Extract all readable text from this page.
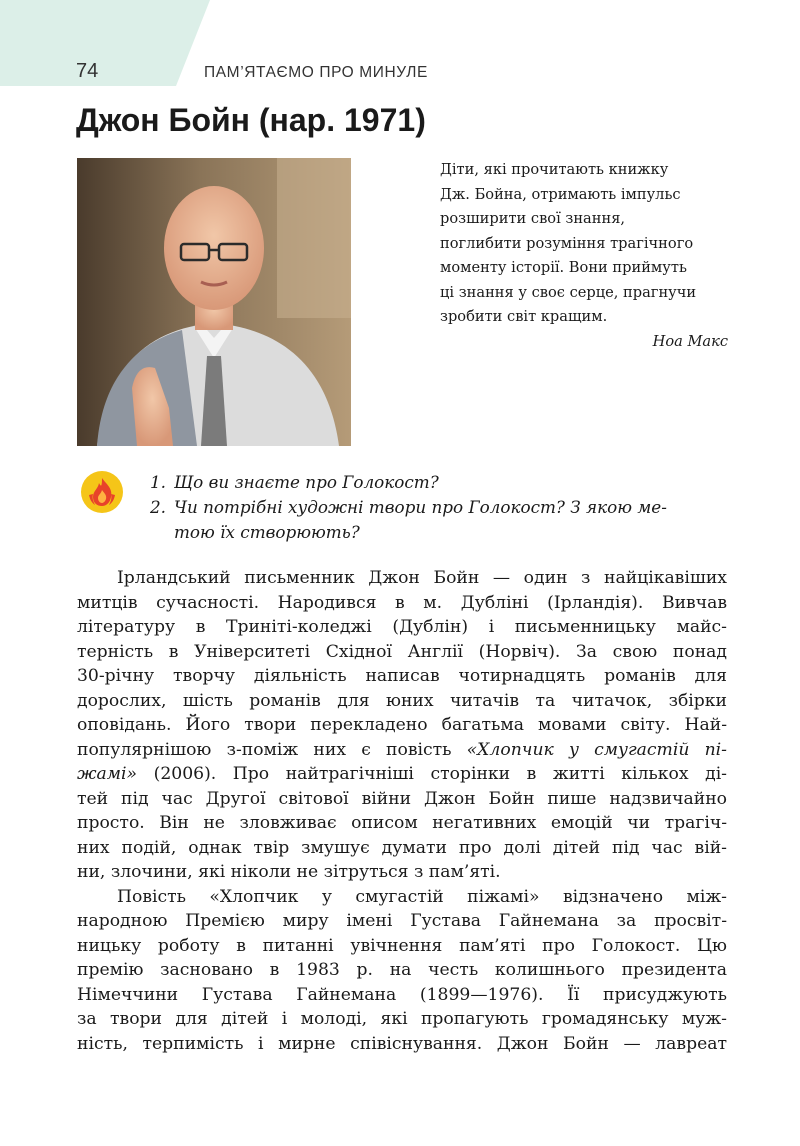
74	ПАМ’ЯТАЄМО ПРО МИНУЛЕ
Джон Бойн (нар. 1971)
Діти, які прочитають книжку
Дж. Бойна, отримають імпульс
розширити свої знання,
поглибити розуміння трагічного
моменту історії. Вони приймуть
ці знання у своє серце, прагнучи
зробити світ кращим.
Ноа Макс
1. Що ви знаєте про Голокост?
2. Чи потрібні художні твори про Голокост? З якою ме-
тою їх створюють?
Ірландський письменник Джон Бойн — один з найцікавіших
митців сучасності. Народився в м. Дубліні (Ірландія). Вивчав
літературу в Триніті-коледжі (Дублін) і письменницьку майс-
терність в Університеті Східної Англії (Норвіч). За свою понад
30-річну творчу діяльність написав чотирнадцять романів для
дорослих, шість романів для юних читачів та читачок, збірки
оповідань. Його твори перекладено багатьма мовами світу. Най-
популярнішою з-поміж них є повість «Хлопчик у смугастій пі-
жамі» (2006). Про найтрагічніші сторінки в житті кількох ді-
тей під час Другої світової війни Джон Бойн пише надзвичайно
просто. Він не зловживає описом негативних емоцій чи трагіч-
них подій, однак твір змушує думати про долі дітей під час вій-
ни, злочини, які ніколи не зітруться з пам’яті.
Повість «Хлопчик у смугастій піжамі» відзначено між-
народною Премією миру імені Густава Гайнемана за просвіт-
ницьку роботу в питанні увічнення пам’яті про Голокост. Цю
премію засновано в 1983 р. на честь колишнього президента
Німеччини Густава Гайнемана (1899—1976). Її присуджують
за твори для дітей і молоді, які пропагують громадянську муж-
ність, терпимість і мирне співіснування. Джон Бойн — лавреат
